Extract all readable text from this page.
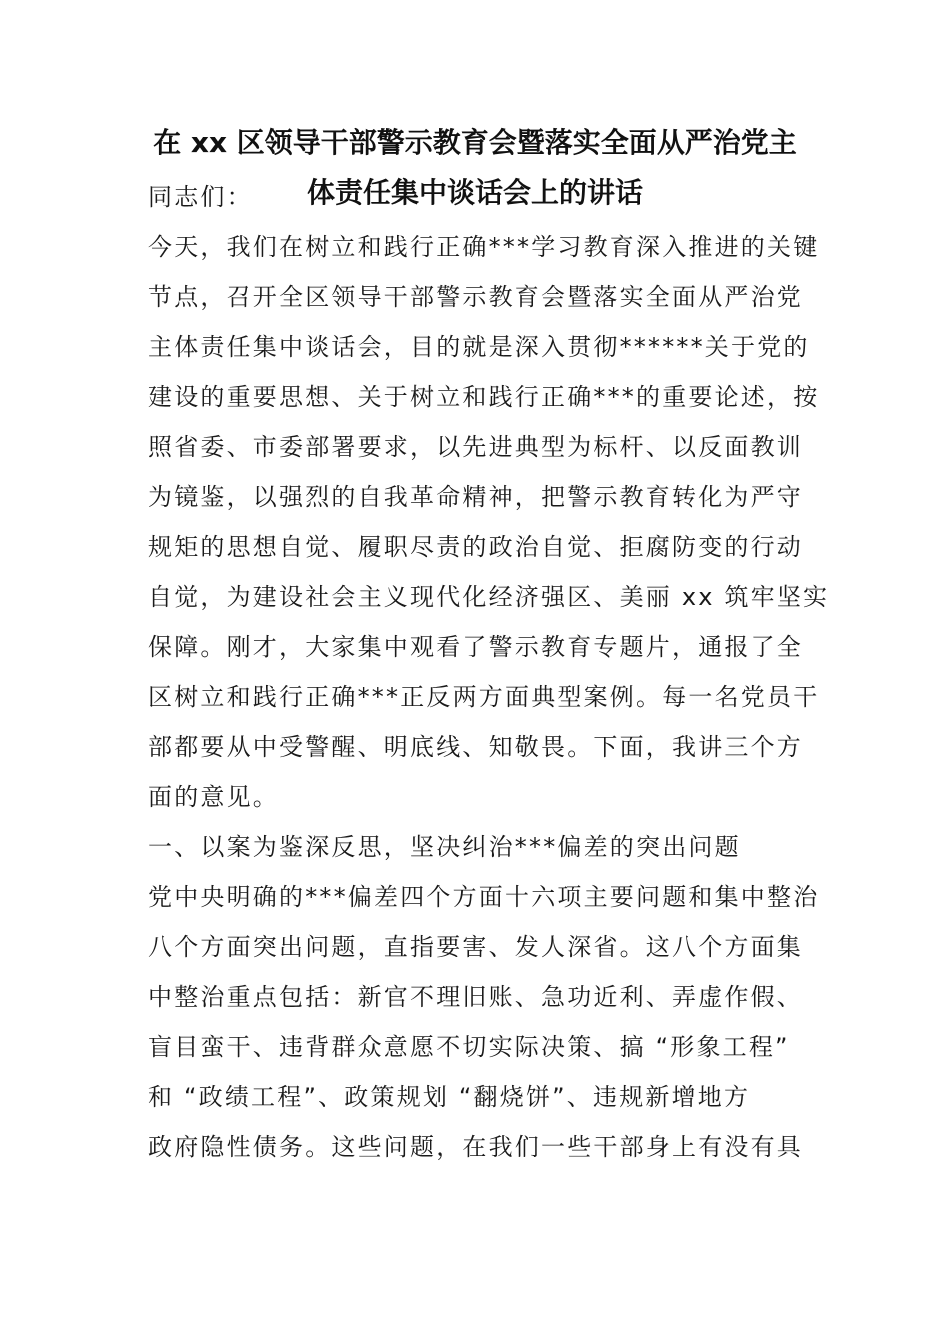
在 xx 区领导干部警示教育会暨落实全面从严治党主
体责任集中谈话会上的讲话
同志们：
今天，我们在树立和践行正确***学习教育深入推进的关键
节点，召开全区领导干部警示教育会暨落实全面从严治党
主体责任集中谈话会，目的就是深入贯彻******关于党的
建设的重要思想、关于树立和践行正确***的重要论述，按
照省委、市委部署要求，以先进典型为标杆、以反面教训
为镜鉴，以强烈的自我革命精神，把警示教育转化为严守
规矩的思想自觉、履职尽责的政治自觉、拒腐防变的行动
自觉，为建设社会主义现代化经济强区、美丽 xx 筑牢坚实
保障。刚才，大家集中观看了警示教育专题片，通报了全
区树立和践行正确***正反两方面典型案例。每一名党员干
部都要从中受警醒、明底线、知敬畏。下面，我讲三个方
面的意见。
一、以案为鉴深反思，坚决纠治***偏差的突出问题
党中央明确的***偏差四个方面十六项主要问题和集中整治
八个方面突出问题，直指要害、发人深省。这八个方面集
中整治重点包括：新官不理旧账、急功近利、弄虚作假、
盲目蛮干、违背群众意愿不切实际决策、搞 “形象工程”
和 “政绩工程”、政策规划 “翻烧饼”、违规新增地方
政府隐性债务。这些问题，在我们一些干部身上有没有具
